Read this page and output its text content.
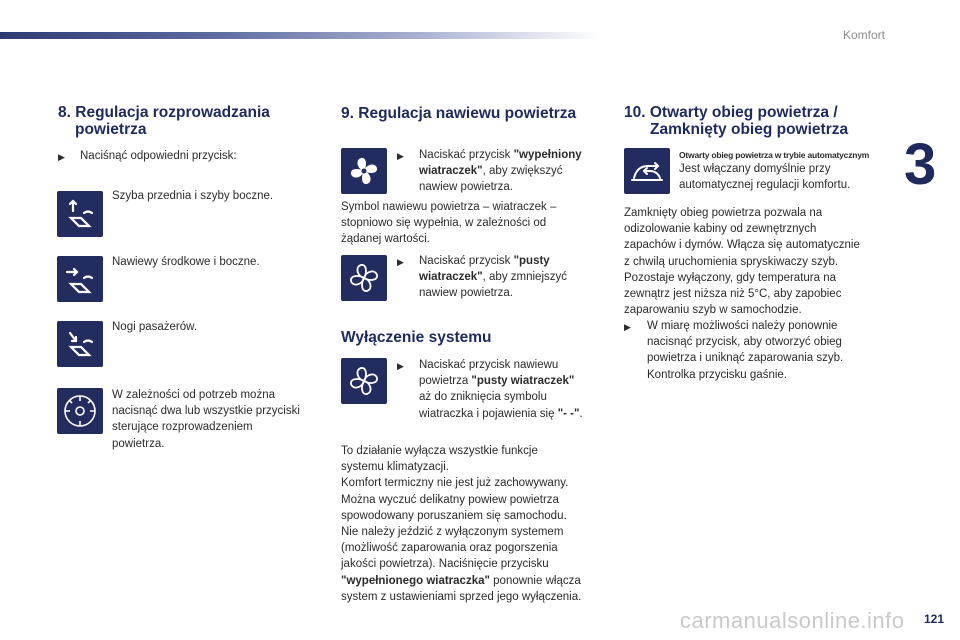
Komfort
3
121
carmanualsonline.info
8. Regulacja rozprowadzania
powietrza
▶ Naciśnąć odpowiedni przycisk:
Szyba przednia i szyby boczne.
Nawiewy środkowe i boczne.
Nogi pasażerów.
W zależności od potrzeb można
nacisnąć dwa lub wszystkie przyciski
sterujące rozprowadzeniem
powietrza.
9. Regulacja nawiewu powietrza
▶ Naciskać przycisk "wypełniony
wiatraczek", aby zwiększyć
nawiew powietrza.
Symbol nawiewu powietrza – wiatraczek –
stopniowo się wypełnia, w zależności od
żądanej wartości.
▶ Naciskać przycisk "pusty
wiatraczek", aby zmniejszyć
nawiew powietrza.
Wyłączenie systemu
▶ Naciskać przycisk nawiewu
powietrza "pusty wiatraczek"
aż do zniknięcia symbolu
wiatraczka i pojawienia się "- -".
To działanie wyłącza wszystkie funkcje
systemu klimatyzacji.
Komfort termiczny nie jest już zachowywany.
Można wyczuć delikatny powiew powietrza
spowodowany poruszaniem się samochodu.
Nie należy jeździć z wyłączonym systemem
(możliwość zaparowania oraz pogorszenia
jakości powietrza). Naciśnięcie przycisku
"wypełnionego wiatraczka" ponownie włącza
system z ustawieniami sprzed jego wyłączenia.
10. Otwarty obieg powietrza /
Zamknięty obieg powietrza
Otwarty obieg powietrza w trybie automatycznym
Jest włączany domyślnie przy
automatycznej regulacji komfortu.
Zamknięty obieg powietrza pozwala na
odizolowanie kabiny od zewnętrznych
zapachów i dymów. Włącza się automatycznie
z chwilą uruchomienia spryskiwaczy szyb.
Pozostaje wyłączony, gdy temperatura na
zewnątrz jest niższa niż 5°C, aby zapobiec
zaparowaniu szyb w samochodzie.
▶ W miarę możliwości należy ponownie
nacisnąć przycisk, aby otworzyć obieg
powietrza i uniknąć zaparowania szyb.
Kontrolka przycisku gaśnie.
